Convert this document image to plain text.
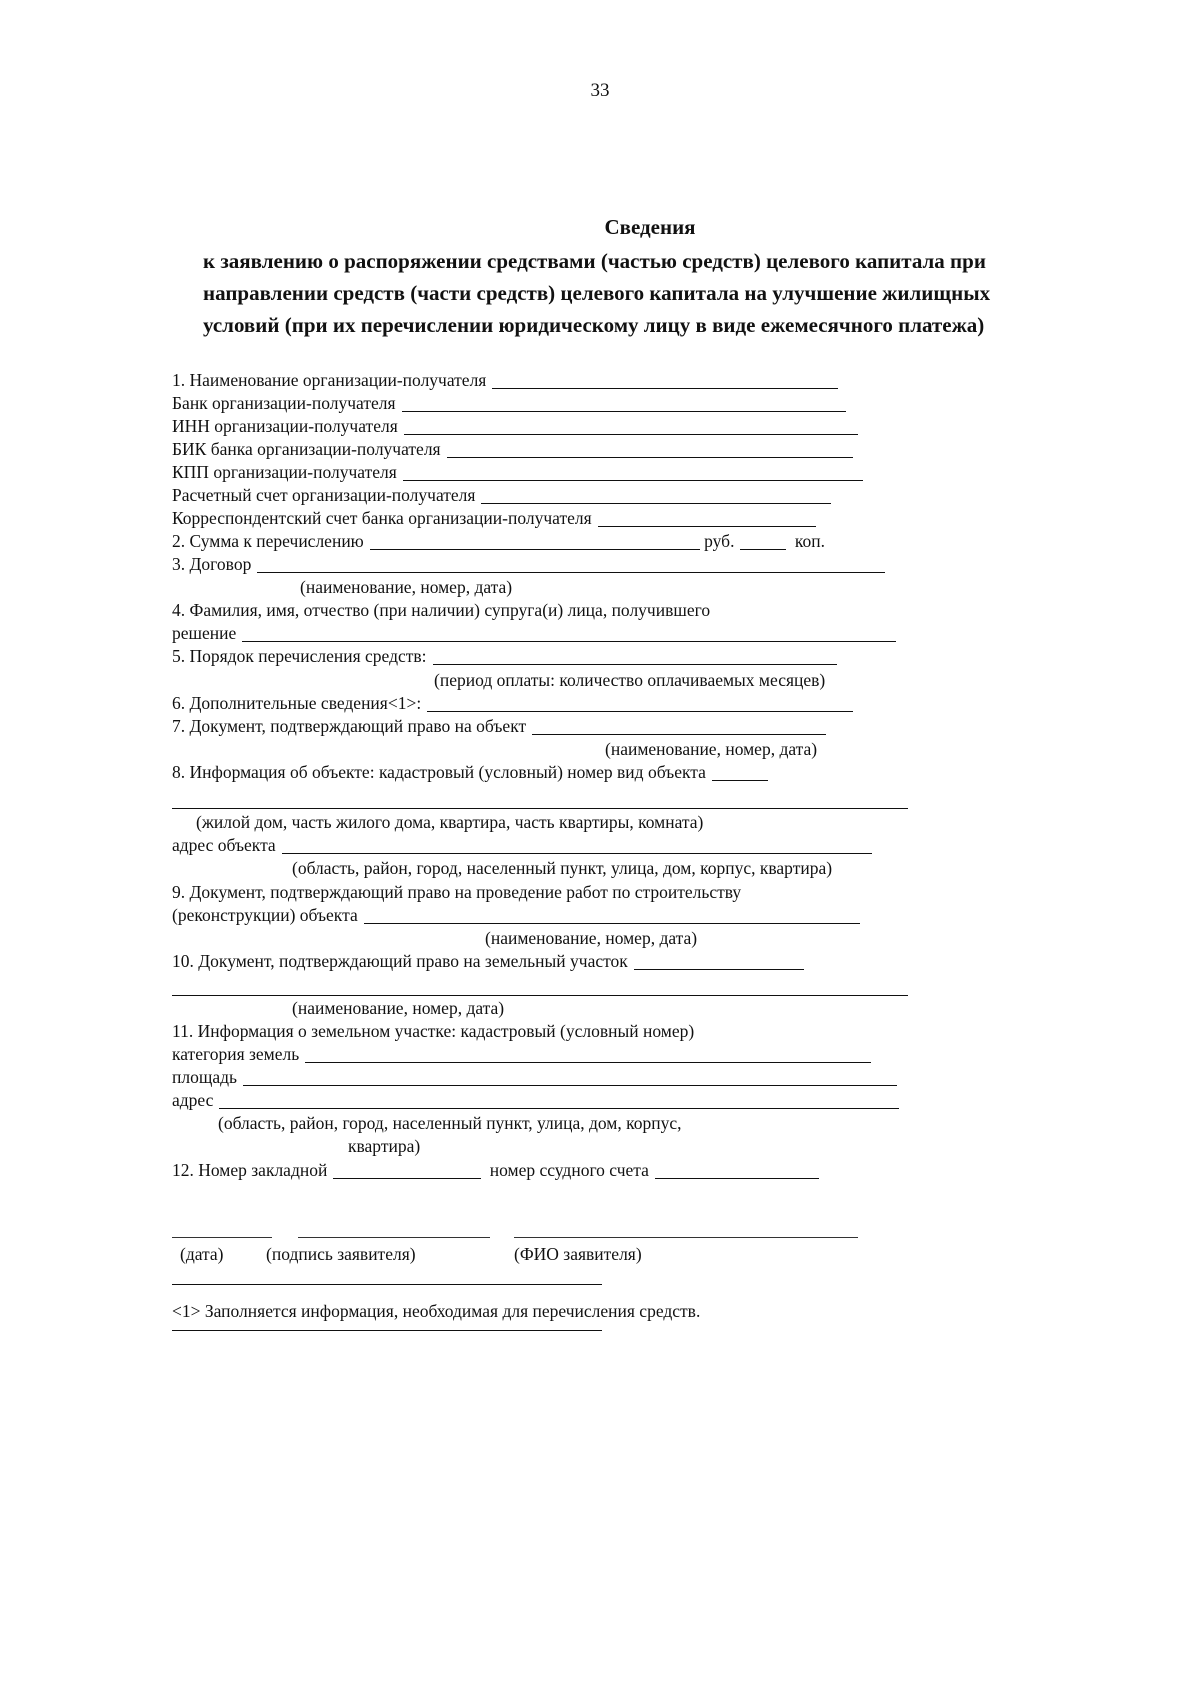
33
Сведения
к заявлению о распоряжении средствами (частью средств) целевого капитала при
направлении средств (части средств) целевого капитала на улучшение жилищных
условий (при их перечислении юридическому лицу в виде ежемесячного платежа)
1. Наименование организации-получателя
Банк организации-получателя
ИНН организации-получателя
БИК банка организации-получателя
КПП организации-получателя
Расчетный счет организации-получателя
Корреспондентский счет банка организации-получателя
2. Сумма к перечислению	руб.	коп.
3. Договор
(наименование, номер, дата)
4. Фамилия, имя, отчество (при наличии) супруга(и) лица, получившего
решение
5. Порядок перечисления средств:
(период оплаты: количество оплачиваемых месяцев)
6. Дополнительные сведения<1>:
7. Документ, подтверждающий право на объект
(наименование, номер, дата)
8. Информация об объекте: кадастровый (условный) номер вид объекта
(жилой дом, часть жилого дома, квартира, часть квартиры, комната)
адрес объекта
(область, район, город, населенный пункт, улица, дом, корпус, квартира)
9. Документ, подтверждающий право на проведение работ по строительству
(реконструкции) объекта
(наименование, номер, дата)
10. Документ, подтверждающий право на земельный участок
(наименование, номер, дата)
11. Информация о земельном участке: кадастровый (условный номер)
категория земель
площадь
адрес
(область, район, город, населенный пункт, улица, дом, корпус,
квартира)
12. Номер закладной	номер ссудного счета
(дата) (подпись заявителя)	(ФИО заявителя)
<1> Заполняется информация, необходимая для перечисления средств.
